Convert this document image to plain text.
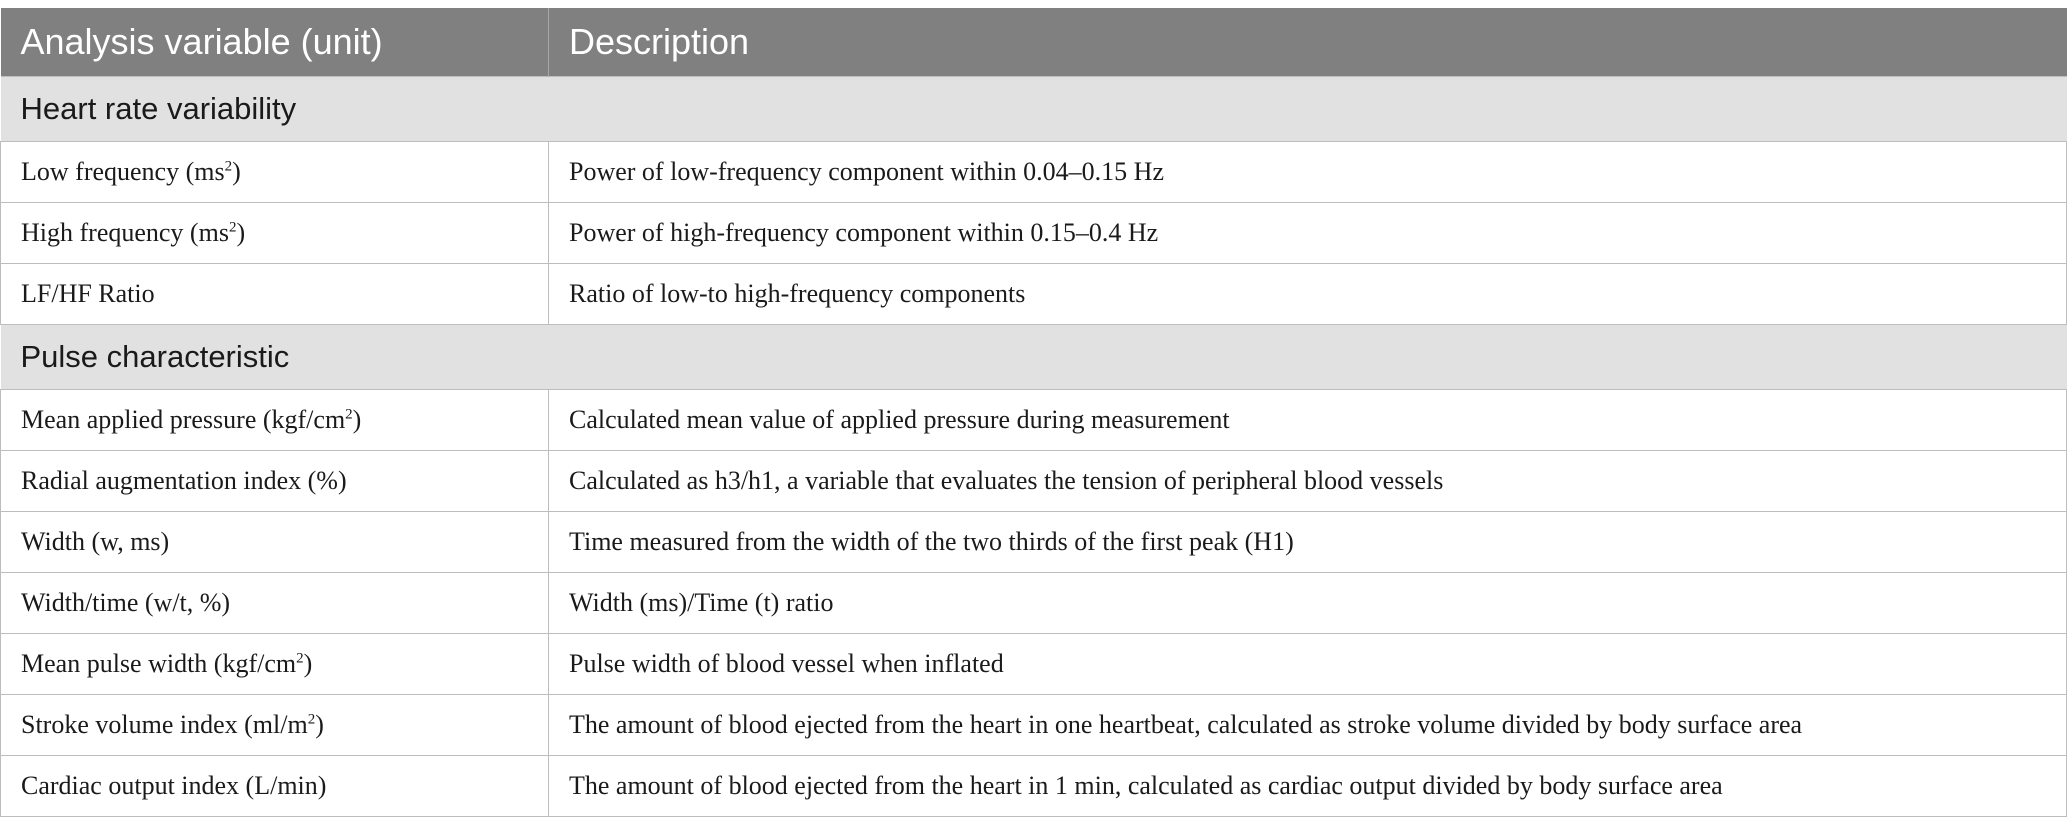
Analysis variable (unit)	Description
Heart rate variability	
Low frequency $(ms^2)$	Power of low-frequency component within 0.04–0.15 Hz
High frequency $(ms^2)$	Power of high-frequency component within 0.15–0.4 Hz
LF/HF Ratio	Ratio of low-to high-frequency components
Pulse characteristic	
Mean applied pressure $(kgf/cm^2)$	Calculated mean value of applied pressure during measurement
Radial augmentation index (%)	Calculated as h3/h1, a variable that evaluates the tension of peripheral blood vessels
Width (w, ms)	Time measured from the width of the two thirds of the first peak (H1)
Width/time (w/t, %)	Width (ms)/Time (t) ratio
Mean pulse width $(kgf/cm^2)$	Pulse width of blood vessel when inflated
Stroke volume index $(ml/m^2)$	The amount of blood ejected from the heart in one heartbeat, calculated as stroke volume divided by body surface area
Cardiac output index (L/min)	The amount of blood ejected from the heart in 1 min, calculated as cardiac output divided by body surface area
